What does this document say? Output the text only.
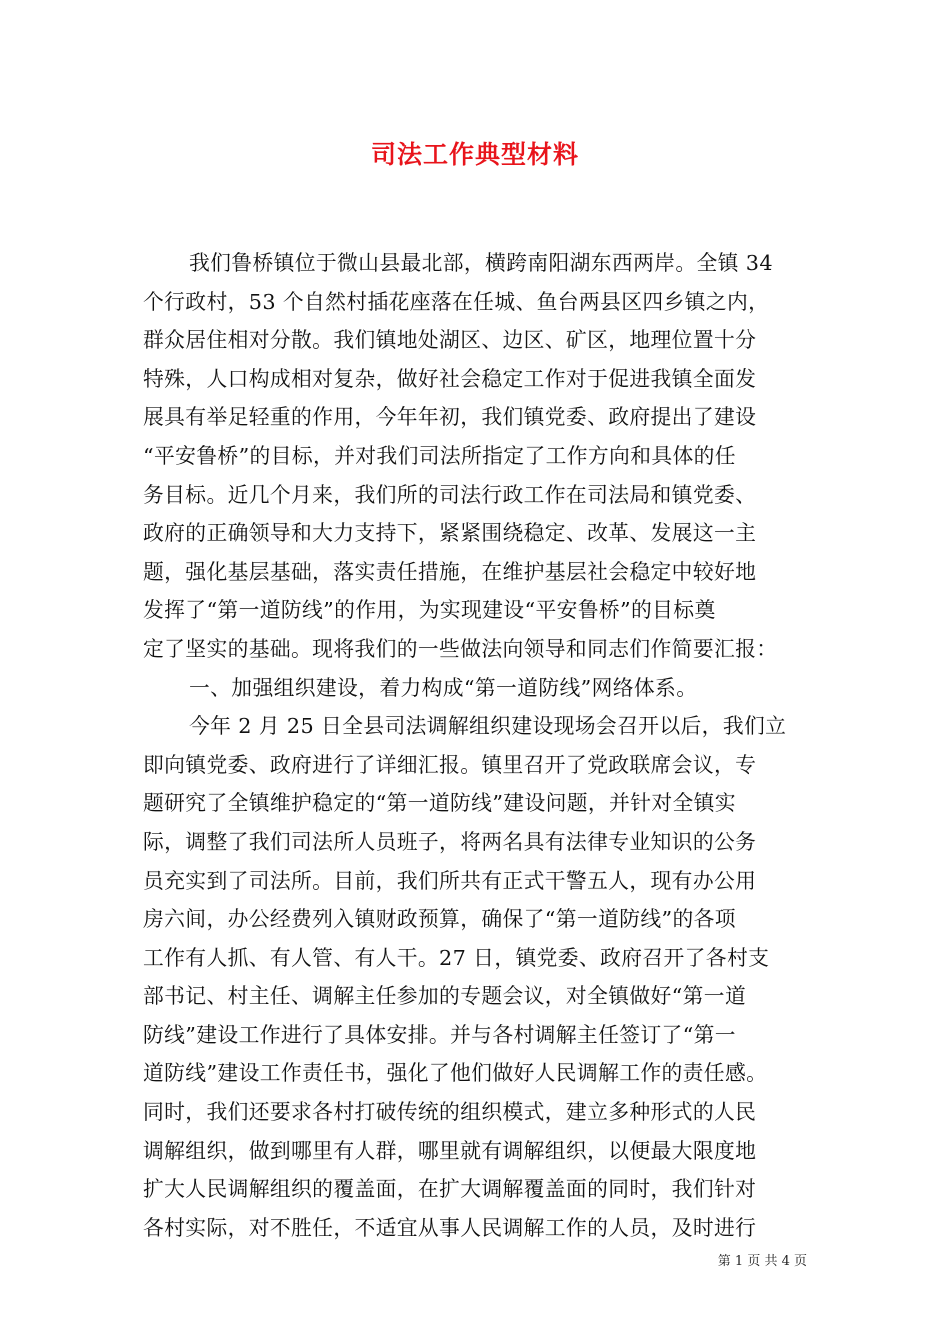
司法工作典型材料
我们鲁桥镇位于微山县最北部，横跨南阳湖东西两岸。全镇 34
个行政村，53 个自然村插花座落在任城、鱼台两县区四乡镇之内，
群众居住相对分散。我们镇地处湖区、边区、矿区，地理位置十分
特殊，人口构成相对复杂，做好社会稳定工作对于促进我镇全面发
展具有举足轻重的作用，今年年初，我们镇党委、政府提出了建设
“平安鲁桥”的目标，并对我们司法所指定了工作方向和具体的任
务目标。近几个月来，我们所的司法行政工作在司法局和镇党委、
政府的正确领导和大力支持下，紧紧围绕稳定、改革、发展这一主
题，强化基层基础，落实责任措施，在维护基层社会稳定中较好地
发挥了“第一道防线”的作用，为实现建设“平安鲁桥”的目标奠
定了坚实的基础。现将我们的一些做法向领导和同志们作简要汇报：
一、加强组织建设，着力构成“第一道防线”网络体系。
今年 2 月 25 日全县司法调解组织建设现场会召开以后，我们立
即向镇党委、政府进行了详细汇报。镇里召开了党政联席会议，专
题研究了全镇维护稳定的“第一道防线”建设问题，并针对全镇实
际，调整了我们司法所人员班子，将两名具有法律专业知识的公务
员充实到了司法所。目前，我们所共有正式干警五人，现有办公用
房六间，办公经费列入镇财政预算，确保了“第一道防线”的各项
工作有人抓、有人管、有人干。27 日，镇党委、政府召开了各村支
部书记、村主任、调解主任参加的专题会议，对全镇做好“第一道
防线”建设工作进行了具体安排。并与各村调解主任签订了“第一
道防线”建设工作责任书，强化了他们做好人民调解工作的责任感。
同时，我们还要求各村打破传统的组织模式，建立多种形式的人民
调解组织，做到哪里有人群，哪里就有调解组织，以便最大限度地
扩大人民调解组织的覆盖面，在扩大调解覆盖面的同时，我们针对
各村实际，对不胜任，不适宜从事人民调解工作的人员，及时进行
第 1 页 共 4 页
